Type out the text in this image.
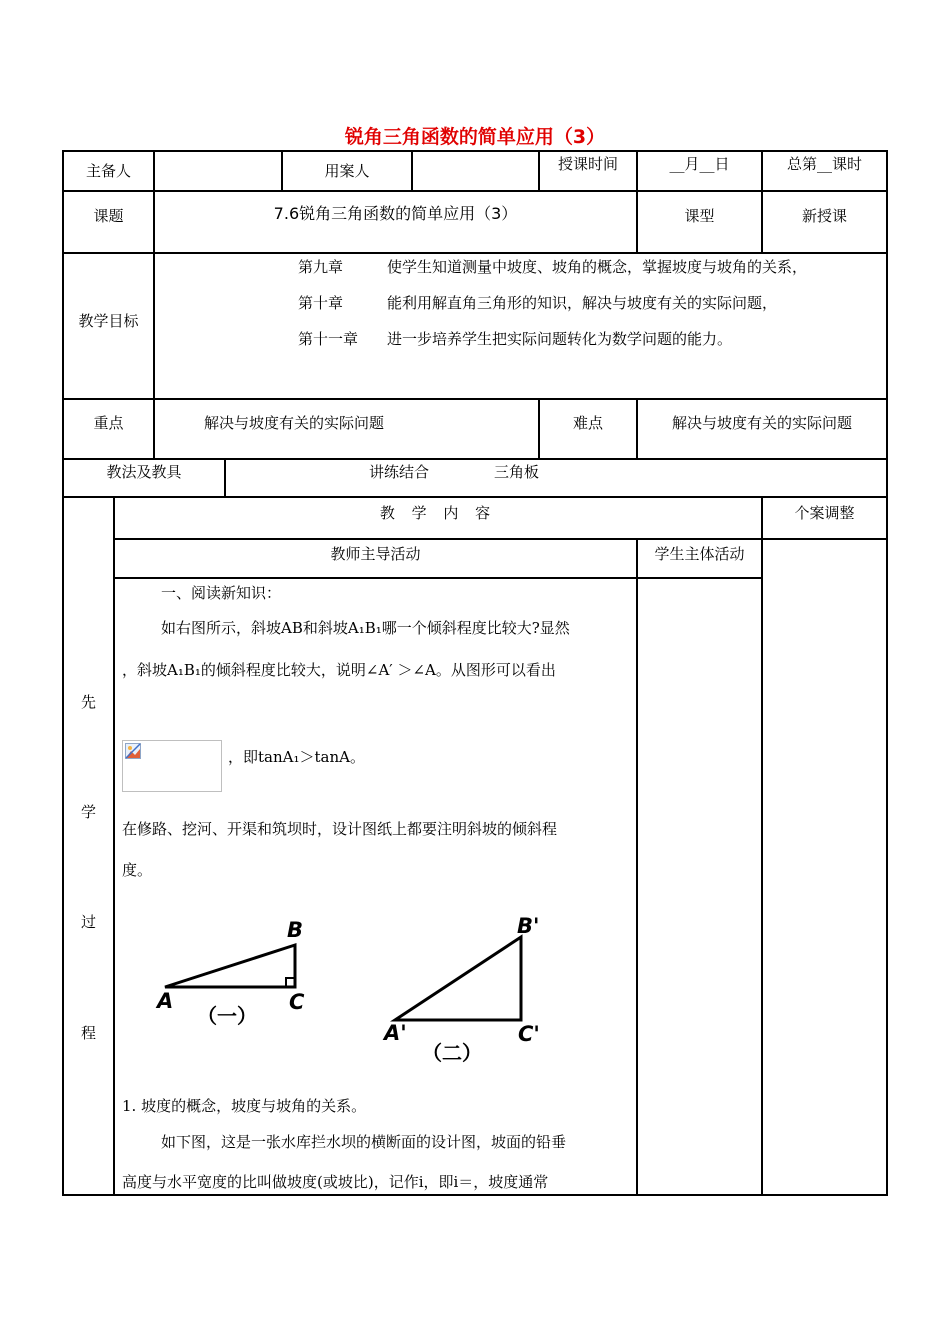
锐角三角函数的简单应用（3）
主备人	用案人	授课时间	__月__日	总第__课时
课题	7.6锐角三角函数的简单应用（3）	课型	新授课
教学目标
第九章	使学生知道测量中坡度、坡角的概念，掌握坡度与坡角的关系，
第十章	能利用解直角三角形的知识，解决与坡度有关的实际问题，
第十一章 进一步培养学生把实际问题转化为数学问题的能力。
重点	解决与坡度有关的实际问题	难点	解决与坡度有关的实际问题
教法及教具	讲练结合	三角板
教 学 内 容	个案调整
教师主导活动	学生主体活动
先
学
过
程
一、阅读新知识：
如右图所示，斜坡AB和斜坡A₁B₁哪一个倾斜程度比较大?显然
，斜坡A₁B₁的倾斜程度比较大，说明∠A′ ＞∠A。从图形可以看出
，即tanA₁＞tanA。
在修路、挖河、开渠和筑坝时，设计图纸上都要注明斜坡的倾斜程
度。
A
B
C
（一）
A'
B'
C'
（二）
1. 坡度的概念，坡度与坡角的关系。
如下图，这是一张水库拦水坝的横断面的设计图，坡面的铅垂
高度与水平宽度的比叫做坡度(或坡比)，记作i，即i＝，坡度通常
